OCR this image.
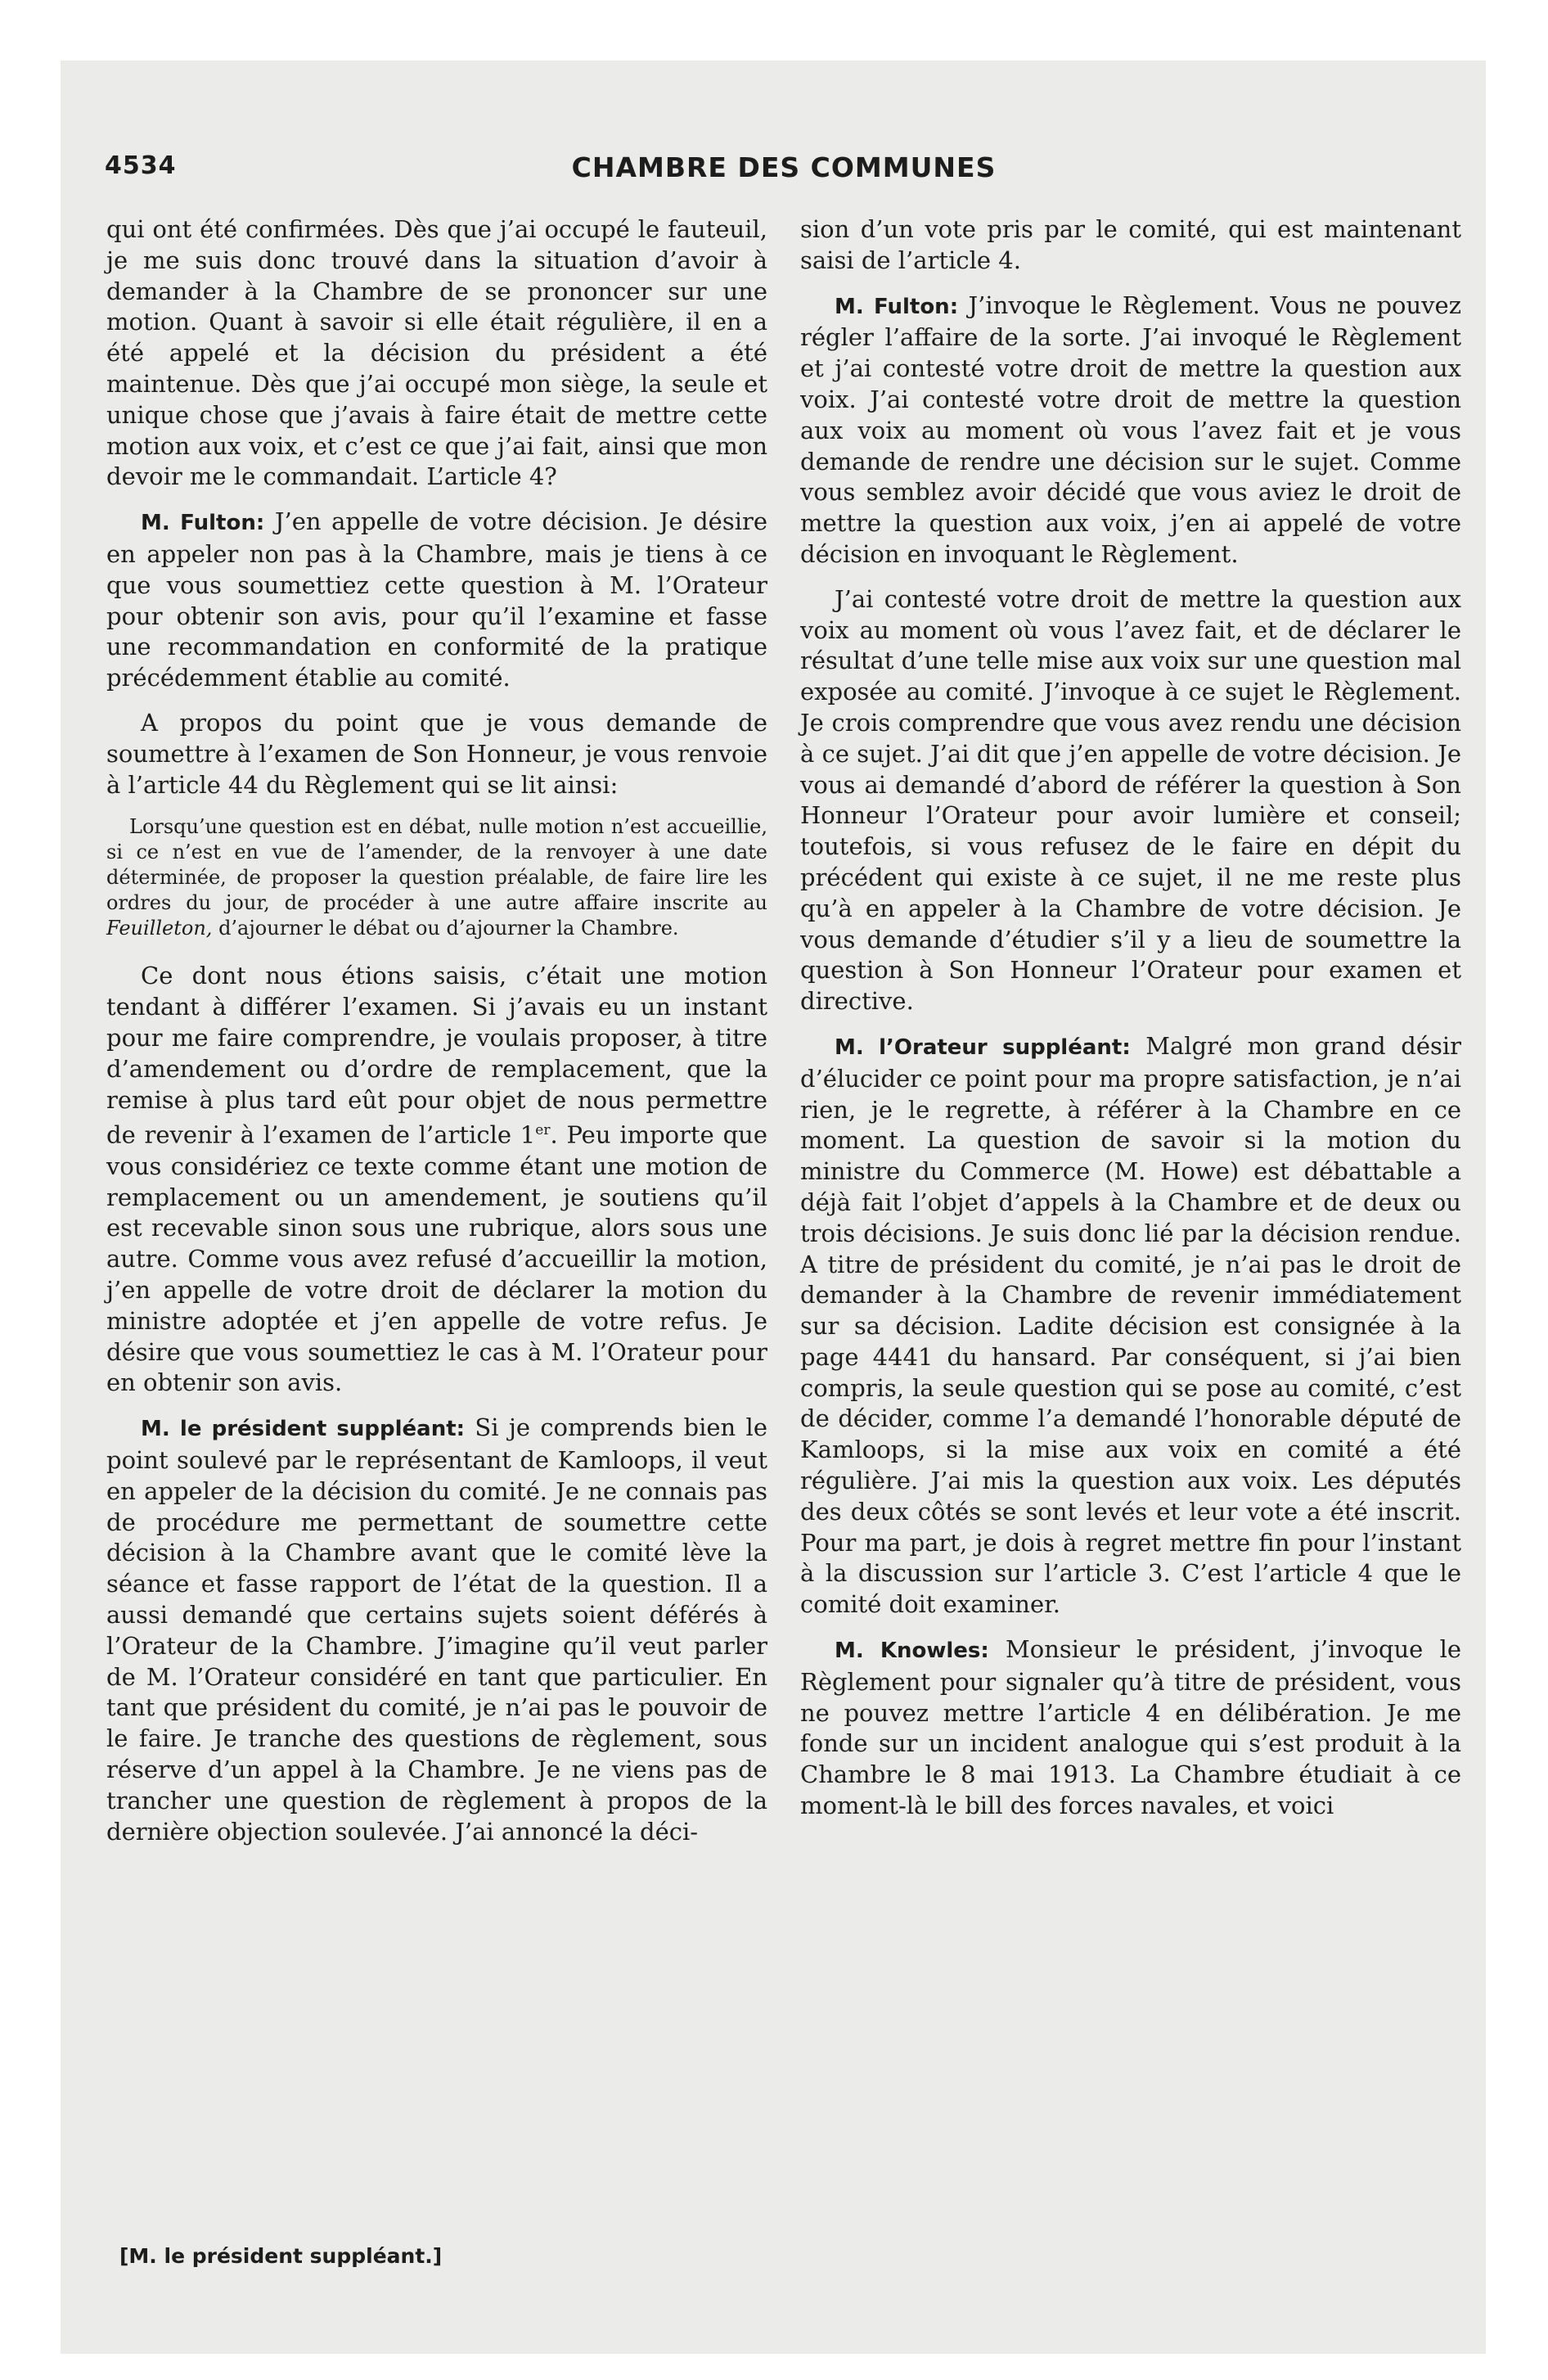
4534	CHAMBRE DES COMMUNES

qui ont été confirmées. Dès que j’ai occupé le fauteuil, je me suis donc trouvé dans la situation d’avoir à demander à la Chambre de se prononcer sur une motion. Quant à savoir si elle était régulière, il en a été appelé et la décision du président a été maintenue. Dès que j’ai occupé mon siège, la seule et unique chose que j’avais à faire était de mettre cette motion aux voix, et c’est ce que j’ai fait, ainsi que mon devoir me le commandait. L’article 4?

M. Fulton: J’en appelle de votre décision. Je désire en appeler non pas à la Chambre, mais je tiens à ce que vous soumettiez cette question à M. l’Orateur pour obtenir son avis, pour qu’il l’examine et fasse une recommandation en conformité de la pratique précédemment établie au comité.

A propos du point que je vous demande de soumettre à l’examen de Son Honneur, je vous renvoie à l’article 44 du Règlement qui se lit ainsi:

Lorsqu’une question est en débat, nulle motion n’est accueillie, si ce n’est en vue de l’amender, de la renvoyer à une date déterminée, de proposer la question préalable, de faire lire les ordres du jour, de procéder à une autre affaire inscrite au Feuilleton, d’ajourner le débat ou d’ajourner la Chambre.

Ce dont nous étions saisis, c’était une motion tendant à différer l’examen. Si j’avais eu un instant pour me faire comprendre, je voulais proposer, à titre d’amendement ou d’ordre de remplacement, que la remise à plus tard eût pour objet de nous permettre de revenir à l’examen de l’article 1er. Peu importe que vous considériez ce texte comme étant une motion de remplacement ou un amendement, je soutiens qu’il est recevable sinon sous une rubrique, alors sous une autre. Comme vous avez refusé d’accueillir la motion, j’en appelle de votre droit de déclarer la motion du ministre adoptée et j’en appelle de votre refus. Je désire que vous soumettiez le cas à M. l’Orateur pour en obtenir son avis.

M. le président suppléant: Si je comprends bien le point soulevé par le représentant de Kamloops, il veut en appeler de la décision du comité. Je ne connais pas de procédure me permettant de soumettre cette décision à la Chambre avant que le comité lève la séance et fasse rapport de l’état de la question. Il a aussi demandé que certains sujets soient déférés à l’Orateur de la Chambre. J’imagine qu’il veut parler de M. l’Orateur considéré en tant que particulier. En tant que président du comité, je n’ai pas le pouvoir de le faire. Je tranche des questions de règlement, sous réserve d’un appel à la Chambre. Je ne viens pas de trancher une question de règlement à propos de la dernière objection soulevée. J’ai annoncé la déci-

sion d’un vote pris par le comité, qui est maintenant saisi de l’article 4.

M. Fulton: J’invoque le Règlement. Vous ne pouvez régler l’affaire de la sorte. J’ai invoqué le Règlement et j’ai contesté votre droit de mettre la question aux voix. J’ai contesté votre droit de mettre la question aux voix au moment où vous l’avez fait et je vous demande de rendre une décision sur le sujet. Comme vous semblez avoir décidé que vous aviez le droit de mettre la question aux voix, j’en ai appelé de votre décision en invoquant le Règlement.

J’ai contesté votre droit de mettre la question aux voix au moment où vous l’avez fait, et de déclarer le résultat d’une telle mise aux voix sur une question mal exposée au comité. J’invoque à ce sujet le Règlement. Je crois comprendre que vous avez rendu une décision à ce sujet. J’ai dit que j’en appelle de votre décision. Je vous ai demandé d’abord de référer la question à Son Honneur l’Orateur pour avoir lumière et conseil; toutefois, si vous refusez de le faire en dépit du précédent qui existe à ce sujet, il ne me reste plus qu’à en appeler à la Chambre de votre décision. Je vous demande d’étudier s’il y a lieu de soumettre la question à Son Honneur l’Orateur pour examen et directive.

M. l’Orateur suppléant: Malgré mon grand désir d’élucider ce point pour ma propre satisfaction, je n’ai rien, je le regrette, à référer à la Chambre en ce moment. La question de savoir si la motion du ministre du Commerce (M. Howe) est débattable a déjà fait l’objet d’appels à la Chambre et de deux ou trois décisions. Je suis donc lié par la décision rendue. A titre de président du comité, je n’ai pas le droit de demander à la Chambre de revenir immédiatement sur sa décision. Ladite décision est consignée à la page 4441 du hansard. Par conséquent, si j’ai bien compris, la seule question qui se pose au comité, c’est de décider, comme l’a demandé l’honorable député de Kamloops, si la mise aux voix en comité a été régulière. J’ai mis la question aux voix. Les députés des deux côtés se sont levés et leur vote a été inscrit. Pour ma part, je dois à regret mettre fin pour l’instant à la discussion sur l’article 3. C’est l’article 4 que le comité doit examiner.

M. Knowles: Monsieur le président, j’invoque le Règlement pour signaler qu’à titre de président, vous ne pouvez mettre l’article 4 en délibération. Je me fonde sur un incident analogue qui s’est produit à la Chambre le 8 mai 1913. La Chambre étudiait à ce moment-là le bill des forces navales, et voici

[M. le président suppléant.]
